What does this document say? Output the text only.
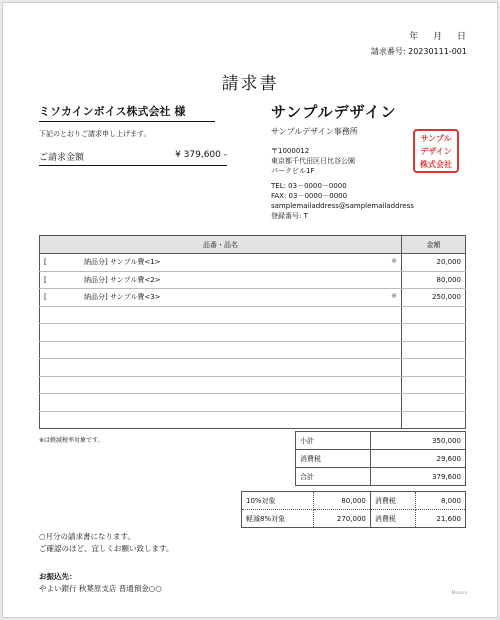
年 月 日
請求番号: 20230111-001
請求書
ミソカインボイス株式会社 様
下記のとおりご請求申し上げます。
ご請求金額	¥ 379,600 -
サンプルデザイン
サンプルデザイン事務所
〒1000012
東京都千代田区日比谷公園
パークビル1F
TEL: 03－0000－0000
FAX: 03－0000－0000
samplemailaddress@samplemailaddress
登録番号: T
サンプル
デザイン
株式会社
品番・品名	金額
[ 納品分] サンプル費<1> ※	20,000
[ 納品分] サンプル費<2>	80,000
[ 納品分] サンプル費<3> ※	250,000

※は軽減税率対象です。	小計	350,000
消費税	29,600
合計	379,600
10%対象	80,000	消費税	8,000
軽減8%対象	270,000	消費税	21,600
○月分の請求書になります。
ご確認のほど、宜しくお願い致します。
お振込先：
やよい銀行 秋葉原支店 普通預金○○
Misoca
